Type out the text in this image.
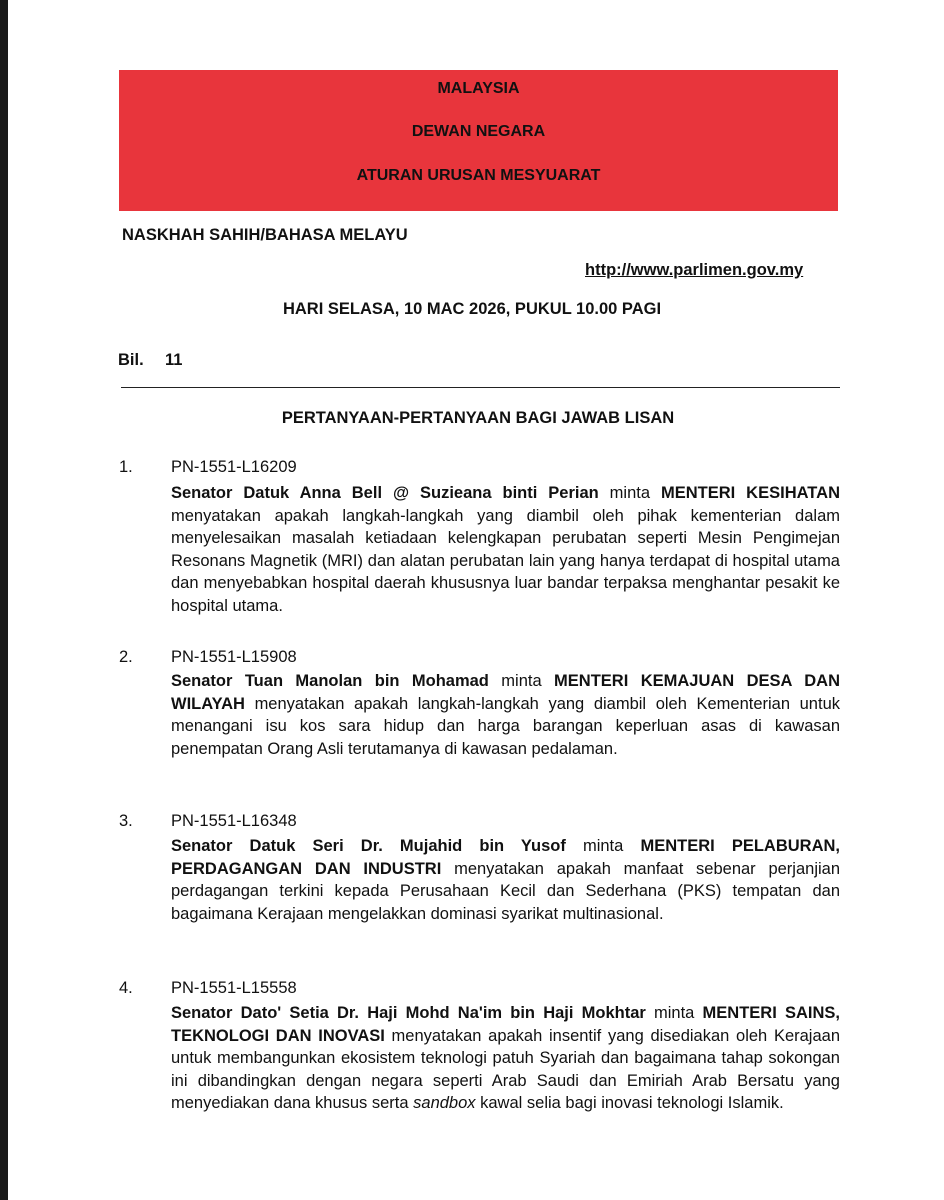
MALAYSIA
DEWAN NEGARA
ATURAN URUSAN MESYUARAT
NASKHAH SAHIH/BAHASA MELAYU
http://www.parlimen.gov.my
HARI SELASA, 10 MAC 2026, PUKUL 10.00 PAGI
Bil. 11
PERTANYAAN-PERTANYAAN BAGI JAWAB LISAN
1. PN-1551-L16209
Senator Datuk Anna Bell @ Suzieana binti Perian minta MENTERI KESIHATAN menyatakan apakah langkah-langkah yang diambil oleh pihak kementerian dalam menyelesaikan masalah ketiadaan kelengkapan perubatan seperti Mesin Pengimejan Resonans Magnetik (MRI) dan alatan perubatan lain yang hanya terdapat di hospital utama dan menyebabkan hospital daerah khususnya luar bandar terpaksa menghantar pesakit ke hospital utama.
2. PN-1551-L15908
Senator Tuan Manolan bin Mohamad minta MENTERI KEMAJUAN DESA DAN WILAYAH menyatakan apakah langkah-langkah yang diambil oleh Kementerian untuk menangani isu kos sara hidup dan harga barangan keperluan asas di kawasan penempatan Orang Asli terutamanya di kawasan pedalaman.
3. PN-1551-L16348
Senator Datuk Seri Dr. Mujahid bin Yusof minta MENTERI PELABURAN, PERDAGANGAN DAN INDUSTRI menyatakan apakah manfaat sebenar perjanjian perdagangan terkini kepada Perusahaan Kecil dan Sederhana (PKS) tempatan dan bagaimana Kerajaan mengelakkan dominasi syarikat multinasional.
4. PN-1551-L15558
Senator Dato' Setia Dr. Haji Mohd Na'im bin Haji Mokhtar minta MENTERI SAINS, TEKNOLOGI DAN INOVASI menyatakan apakah insentif yang disediakan oleh Kerajaan untuk membangunkan ekosistem teknologi patuh Syariah dan bagaimana tahap sokongan ini dibandingkan dengan negara seperti Arab Saudi dan Emiriah Arab Bersatu yang menyediakan dana khusus serta sandbox kawal selia bagi inovasi teknologi Islamik.
